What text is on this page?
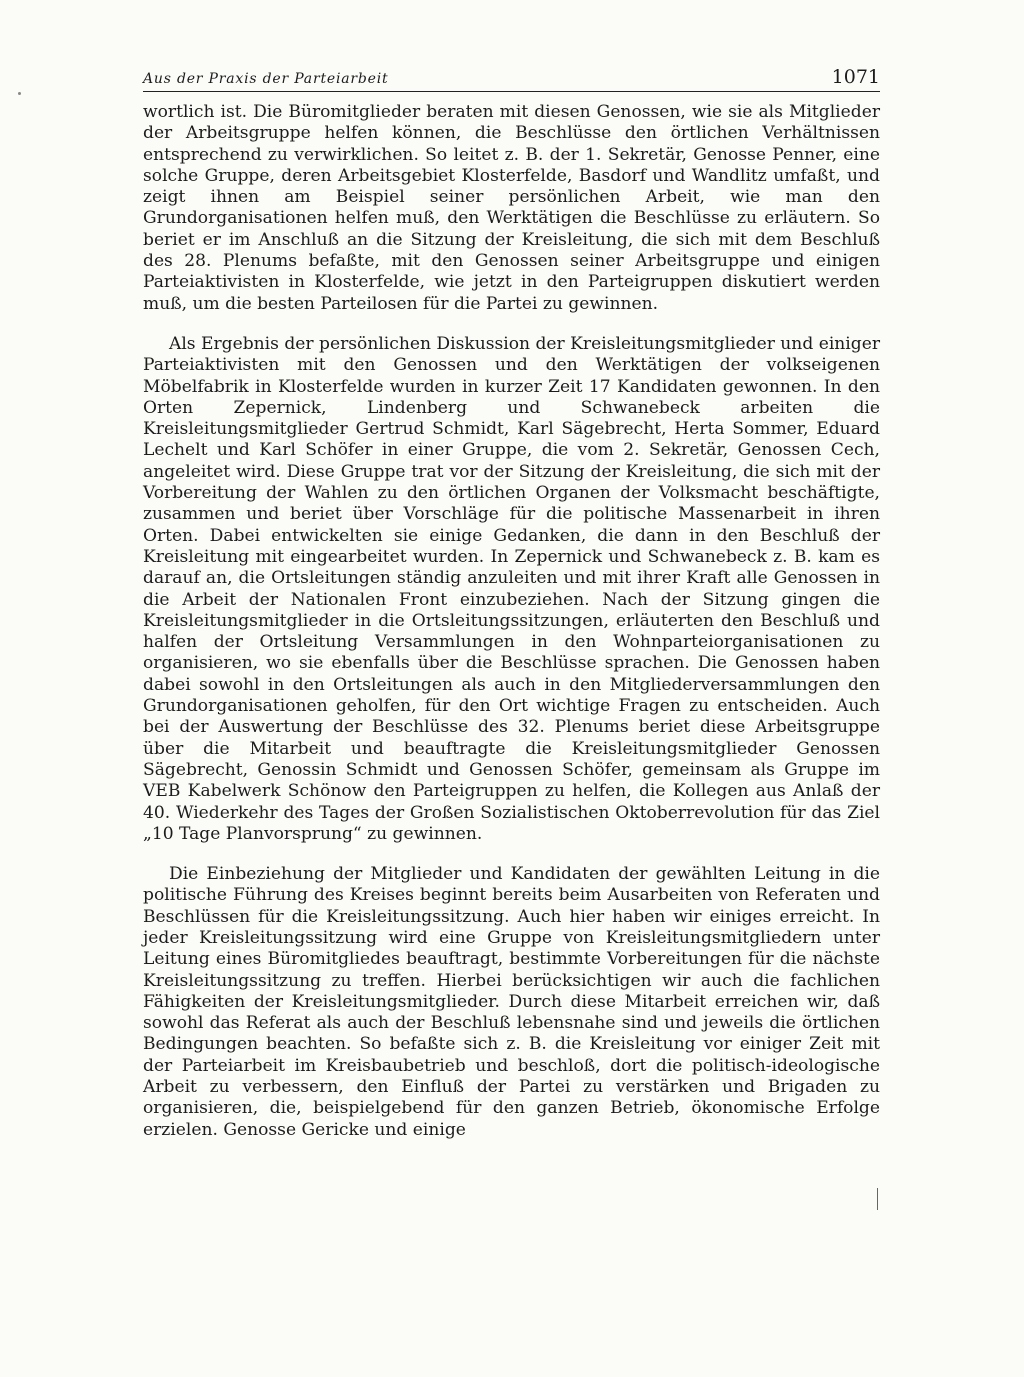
Aus der Praxis der Parteiarbeit	1071

wortlich ist. Die Büromitglieder beraten mit diesen Genossen, wie sie als Mitglieder der Arbeitsgruppe helfen können, die Beschlüsse den örtlichen Verhältnissen entsprechend zu verwirklichen. So leitet z. B. der 1. Sekretär, Genosse Penner, eine solche Gruppe, deren Arbeitsgebiet Klosterfelde, Basdorf und Wandlitz umfaßt, und zeigt ihnen am Beispiel seiner persönlichen Arbeit, wie man den Grundorganisationen helfen muß, den Werktätigen die Beschlüsse zu erläutern. So beriet er im Anschluß an die Sitzung der Kreisleitung, die sich mit dem Beschluß des 28. Plenums befaßte, mit den Genossen seiner Arbeitsgruppe und einigen Parteiaktivisten in Klosterfelde, wie jetzt in den Parteigruppen diskutiert werden muß, um die besten Parteilosen für die Partei zu gewinnen.

Als Ergebnis der persönlichen Diskussion der Kreisleitungsmitglieder und einiger Parteiaktivisten mit den Genossen und den Werktätigen der volkseigenen Möbelfabrik in Klosterfelde wurden in kurzer Zeit 17 Kandidaten gewonnen. In den Orten Zepernick, Lindenberg und Schwanebeck arbeiten die Kreisleitungsmitglieder Gertrud Schmidt, Karl Sägebrecht, Herta Sommer, Eduard Lechelt und Karl Schöfer in einer Gruppe, die vom 2. Sekretär, Genossen Cech, angeleitet wird. Diese Gruppe trat vor der Sitzung der Kreisleitung, die sich mit der Vorbereitung der Wahlen zu den örtlichen Organen der Volksmacht beschäftigte, zusammen und beriet über Vorschläge für die politische Massenarbeit in ihren Orten. Dabei entwickelten sie einige Gedanken, die dann in den Beschluß der Kreisleitung mit eingearbeitet wurden. In Zepernick und Schwanebeck z. B. kam es darauf an, die Ortsleitungen ständig anzuleiten und mit ihrer Kraft alle Genossen in die Arbeit der Nationalen Front einzubeziehen. Nach der Sitzung gingen die Kreisleitungsmitglieder in die Ortsleitungssitzungen, erläuterten den Beschluß und halfen der Ortsleitung Versammlungen in den Wohnparteiorganisationen zu organisieren, wo sie ebenfalls über die Beschlüsse sprachen. Die Genossen haben dabei sowohl in den Ortsleitungen als auch in den Mitgliederversammlungen den Grundorganisationen geholfen, für den Ort wichtige Fragen zu entscheiden. Auch bei der Auswertung der Beschlüsse des 32. Plenums beriet diese Arbeitsgruppe über die Mitarbeit und beauftragte die Kreisleitungsmitglieder Genossen Sägebrecht, Genossin Schmidt und Genossen Schöfer, gemeinsam als Gruppe im VEB Kabelwerk Schönow den Parteigruppen zu helfen, die Kollegen aus Anlaß der 40. Wiederkehr des Tages der Großen Sozialistischen Oktoberrevolution für das Ziel „10 Tage Planvorsprung“ zu gewinnen.

Die Einbeziehung der Mitglieder und Kandidaten der gewählten Leitung in die politische Führung des Kreises beginnt bereits beim Ausarbeiten von Referaten und Beschlüssen für die Kreisleitungssitzung. Auch hier haben wir einiges erreicht. In jeder Kreisleitungssitzung wird eine Gruppe von Kreisleitungsmitgliedern unter Leitung eines Büromitgliedes beauftragt, bestimmte Vorbereitungen für die nächste Kreisleitungssitzung zu treffen. Hierbei berücksichtigen wir auch die fachlichen Fähigkeiten der Kreisleitungsmitglieder. Durch diese Mitarbeit erreichen wir, daß sowohl das Referat als auch der Beschluß lebensnahe sind und jeweils die örtlichen Bedingungen beachten. So befaßte sich z. B. die Kreisleitung vor einiger Zeit mit der Parteiarbeit im Kreisbaubetrieb und beschloß, dort die politisch-ideologische Arbeit zu verbessern, den Einfluß der Partei zu verstärken und Brigaden zu organisieren, die, beispielgebend für den ganzen Betrieb, ökonomische Erfolge erzielen. Genosse Gericke und einige
